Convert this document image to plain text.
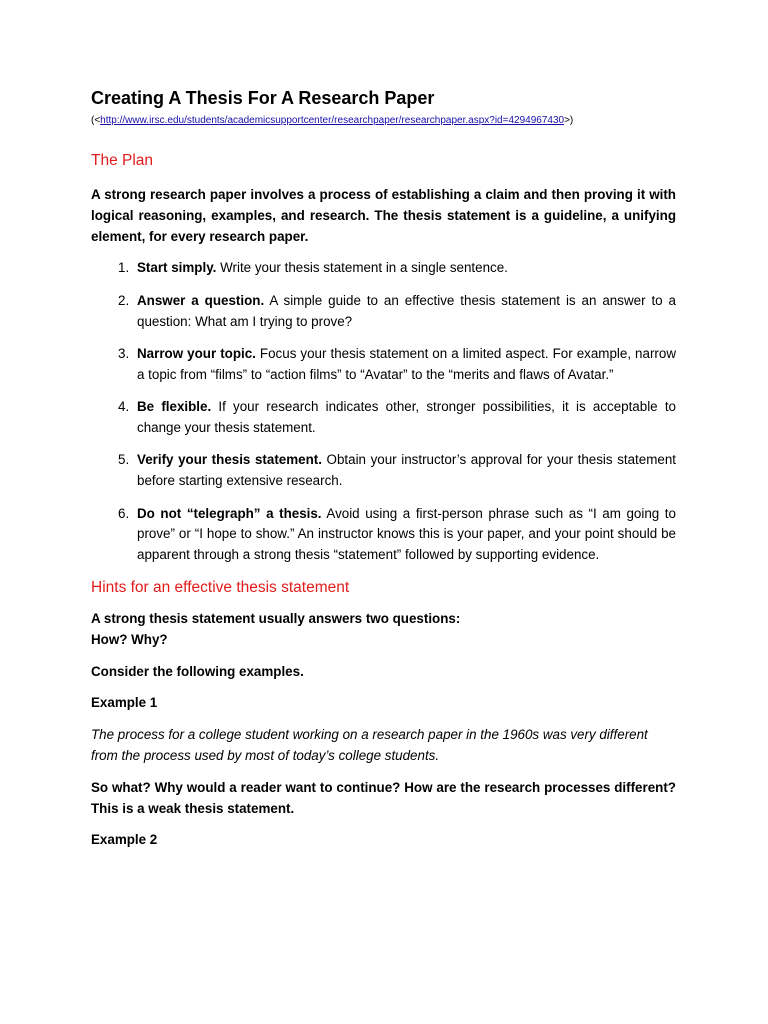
Creating A Thesis For A Research Paper

(<http://www.irsc.edu/students/academicsupportcenter/researchpaper/researchpaper.aspx?id=4294967430>)

The Plan

A strong research paper involves a process of establishing a claim and then proving it with logical reasoning, examples, and research. The thesis statement is a guideline, a unifying element, for every research paper.

1. Start simply. Write your thesis statement in a single sentence.
2. Answer a question. A simple guide to an effective thesis statement is an answer to a question: What am I trying to prove?
3. Narrow your topic. Focus your thesis statement on a limited aspect. For example, narrow a topic from “films” to “action films” to “Avatar” to the “merits and flaws of Avatar.”
4. Be flexible. If your research indicates other, stronger possibilities, it is acceptable to change your thesis statement.
5. Verify your thesis statement. Obtain your instructor’s approval for your thesis statement before starting extensive research.
6. Do not “telegraph” a thesis. Avoid using a first-person phrase such as “I am going to prove” or “I hope to show.” An instructor knows this is your paper, and your point should be apparent through a strong thesis “statement” followed by supporting evidence.
Hints for an effective thesis statement

A strong thesis statement usually answers two questions:

How? Why?

Consider the following examples.

Example 1

The process for a college student working on a research paper in the 1960s was very different from the process used by most of today’s college students.

So what? Why would a reader want to continue? How are the research processes different? This is a weak thesis statement.

Example 2
